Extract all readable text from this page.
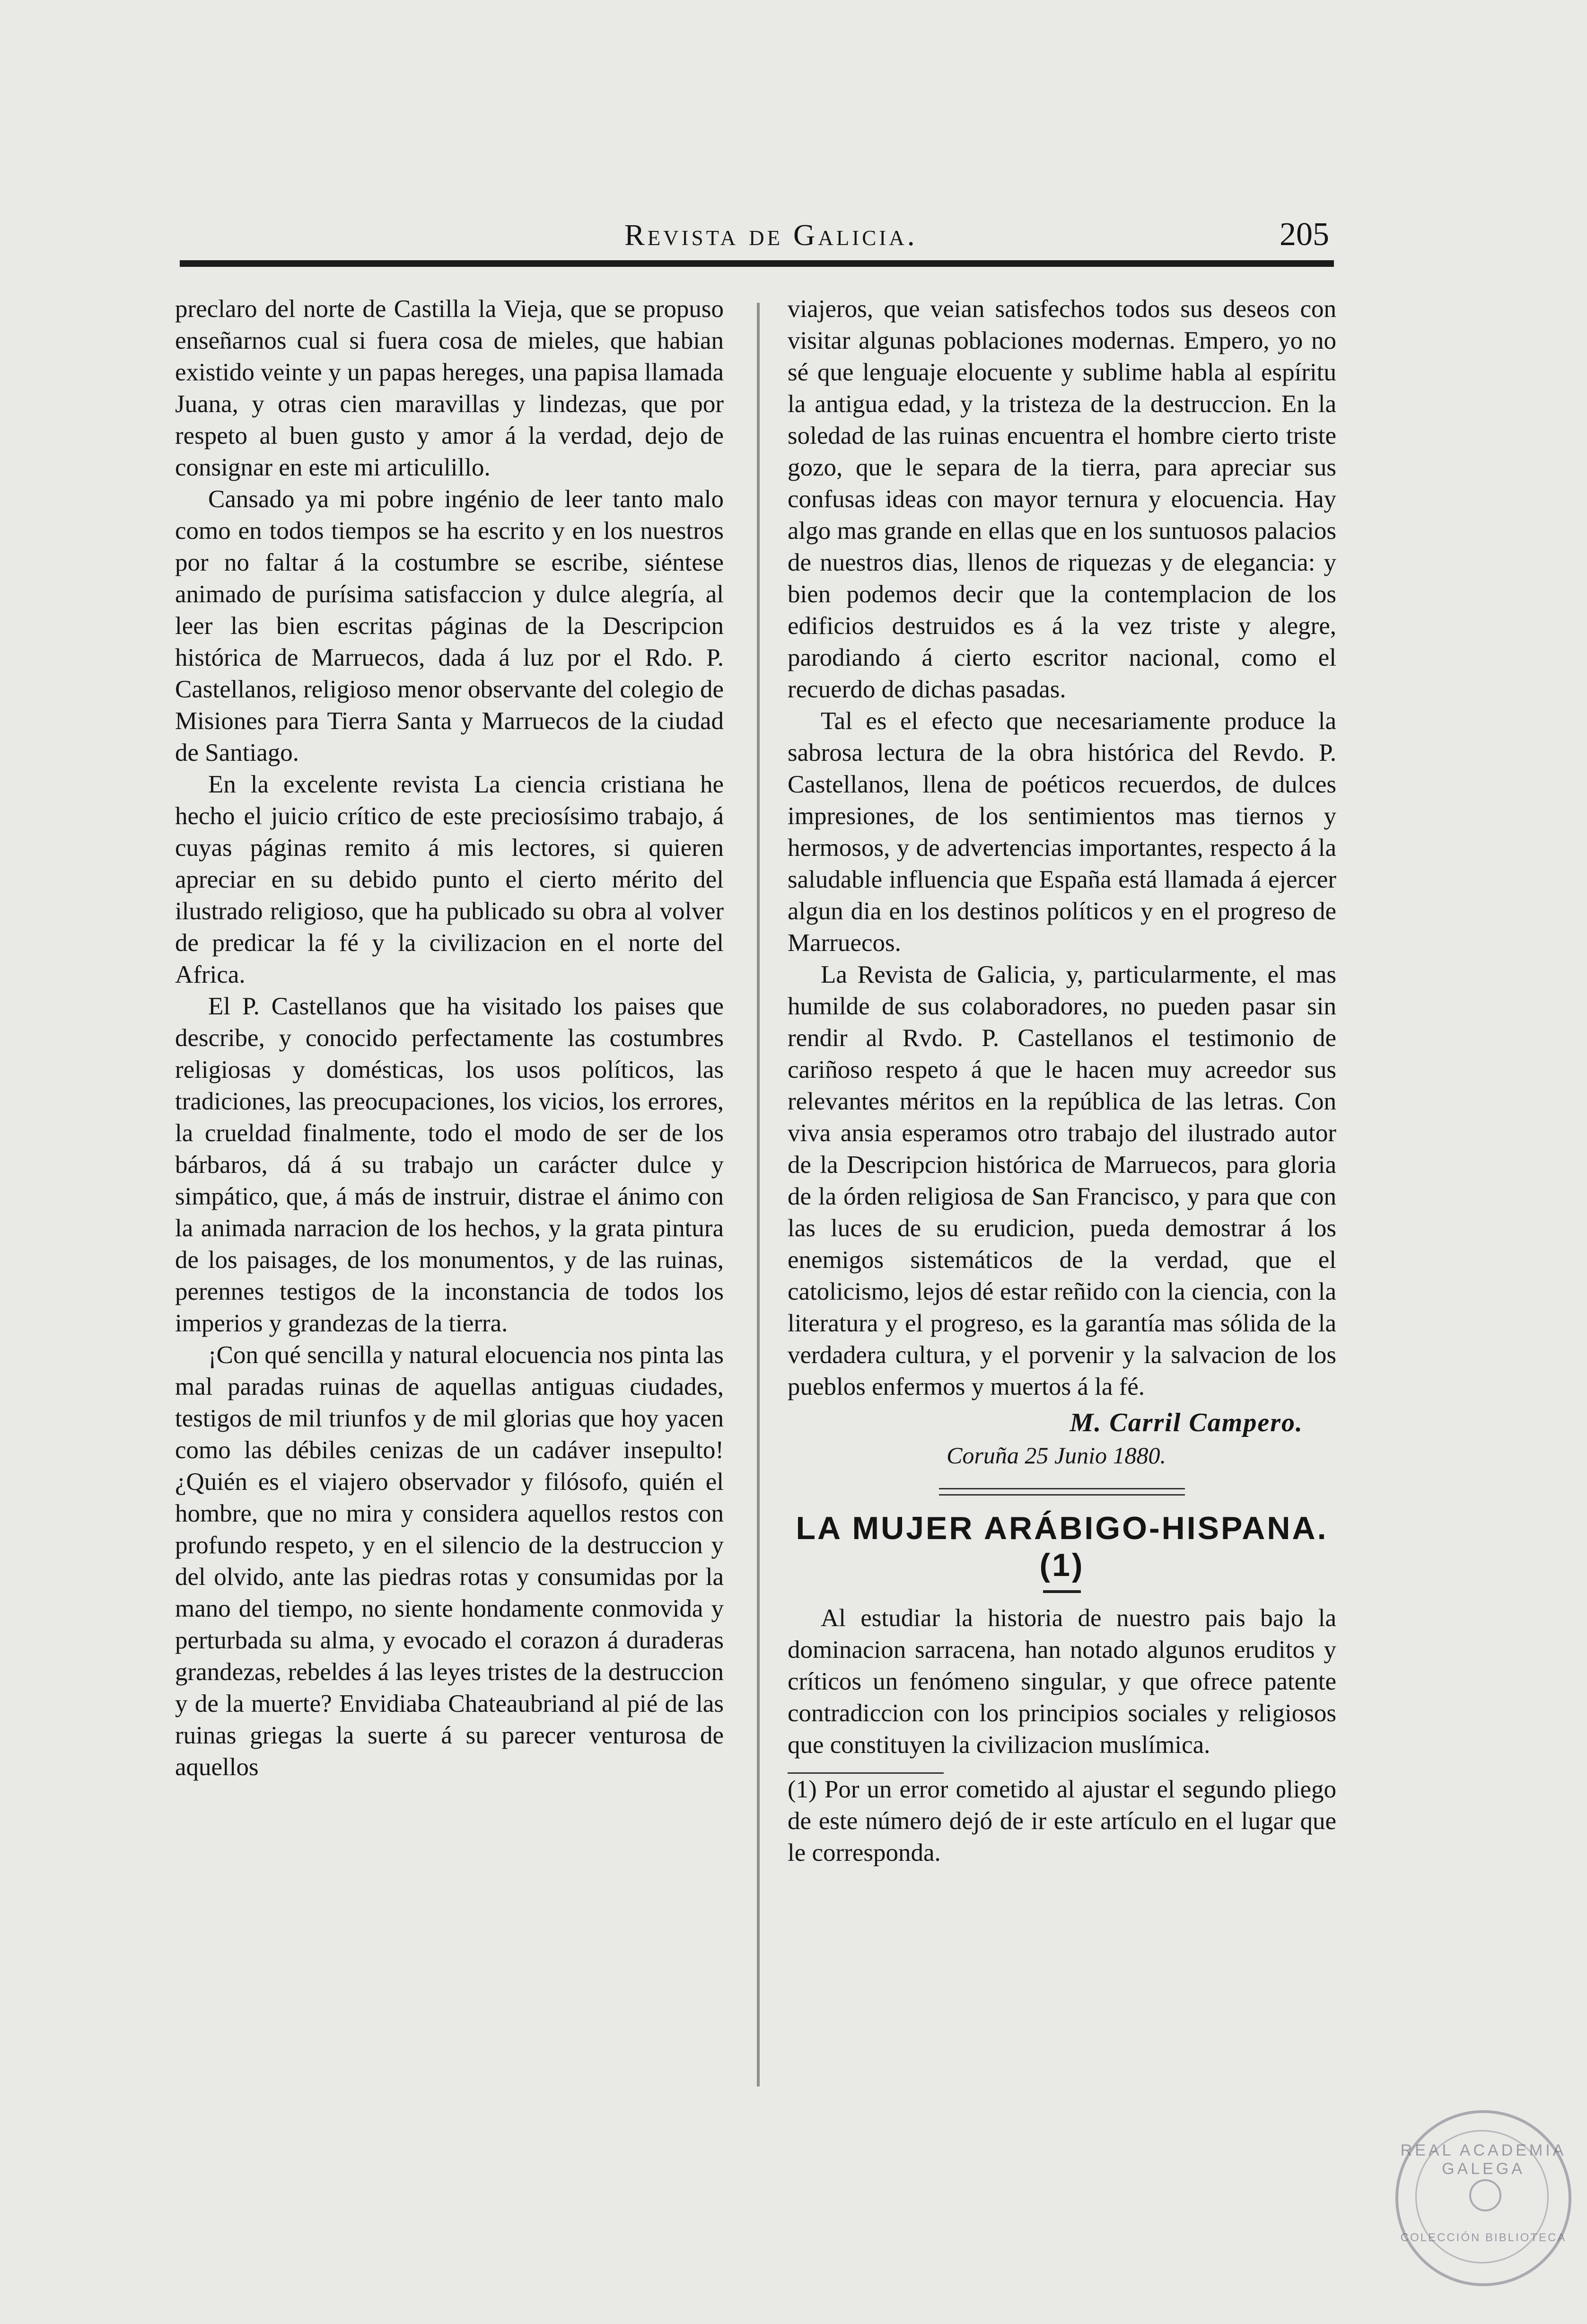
Revista de Galicia.	205

preclaro del norte de Castilla la Vieja, que se propuso enseñarnos cual si fuera cosa de mieles, que habian existido veinte y un papas hereges, una papisa llamada Juana, y otras cien maravillas y lindezas, que por respeto al buen gusto y amor á la verdad, dejo de consignar en este mi articulillo.

Cansado ya mi pobre ingénio de leer tanto malo como en todos tiempos se ha escrito y en los nuestros por no faltar á la costumbre se escribe, siéntese animado de purísima satisfaccion y dulce alegría, al leer las bien escritas páginas de la Descripcion histórica de Marruecos, dada á luz por el Rdo. P. Castellanos, religioso menor observante del colegio de Misiones para Tierra Santa y Marruecos de la ciudad de Santiago.

En la excelente revista La ciencia cristiana he hecho el juicio crítico de este preciosísimo trabajo, á cuyas páginas remito á mis lectores, si quieren apreciar en su debido punto el cierto mérito del ilustrado religioso, que ha publicado su obra al volver de predicar la fé y la civilizacion en el norte del Africa.

El P. Castellanos que ha visitado los paises que describe, y conocido perfectamente las costumbres religiosas y domésticas, los usos políticos, las tradiciones, las preocupaciones, los vicios, los errores, la crueldad finalmente, todo el modo de ser de los bárbaros, dá á su trabajo un carácter dulce y simpático, que, á más de instruir, distrae el ánimo con la animada narracion de los hechos, y la grata pintura de los paisages, de los monumentos, y de las ruinas, perennes testigos de la inconstancia de todos los imperios y grandezas de la tierra.

¡Con qué sencilla y natural elocuencia nos pinta las mal paradas ruinas de aquellas antiguas ciudades, testigos de mil triunfos y de mil glorias que hoy yacen como las débiles cenizas de un cadáver insepulto! ¿Quién es el viajero observador y filósofo, quién el hombre, que no mira y considera aquellos restos con profundo respeto, y en el silencio de la destruccion y del olvido, ante las piedras rotas y consumidas por la mano del tiempo, no siente hondamente conmovida y perturbada su alma, y evocado el corazon á duraderas grandezas, rebeldes á las leyes tristes de la destruccion y de la muerte? Envidiaba Chateaubriand al pié de las ruinas griegas la suerte á su parecer venturosa de aquellos

viajeros, que veian satisfechos todos sus deseos con visitar algunas poblaciones modernas. Empero, yo no sé que lenguaje elocuente y sublime habla al espíritu la antigua edad, y la tristeza de la destruccion. En la soledad de las ruinas encuentra el hombre cierto triste gozo, que le separa de la tierra, para apreciar sus confusas ideas con mayor ternura y elocuencia. Hay algo mas grande en ellas que en los suntuosos palacios de nuestros dias, llenos de riquezas y de elegancia: y bien podemos decir que la contemplacion de los edificios destruidos es á la vez triste y alegre, parodiando á cierto escritor nacional, como el recuerdo de dichas pasadas.

Tal es el efecto que necesariamente produce la sabrosa lectura de la obra histórica del Revdo. P. Castellanos, llena de poéticos recuerdos, de dulces impresiones, de los sentimientos mas tiernos y hermosos, y de advertencias importantes, respecto á la saludable influencia que España está llamada á ejercer algun dia en los destinos políticos y en el progreso de Marruecos.

La Revista de Galicia, y, particularmente, el mas humilde de sus colaboradores, no pueden pasar sin rendir al Rvdo. P. Castellanos el testimonio de cariñoso respeto á que le hacen muy acreedor sus relevantes méritos en la república de las letras. Con viva ansia esperamos otro trabajo del ilustrado autor de la Descripcion histórica de Marruecos, para gloria de la órden religiosa de San Francisco, y para que con las luces de su erudicion, pueda demostrar á los enemigos sistemáticos de la verdad, que el catolicismo, lejos dé estar reñido con la ciencia, con la literatura y el progreso, es la garantía mas sólida de la verdadera cultura, y el porvenir y la salvacion de los pueblos enfermos y muertos á la fé.

M. Carril Campero.
Coruña 25 Junio 1880.
LA MUJER ARÁBIGO-HISPANA. (1)

Al estudiar la historia de nuestro pais bajo la dominacion sarracena, han notado algunos eruditos y críticos un fenómeno singular, y que ofrece patente contradiccion con los principios sociales y religiosos que constituyen la civilizacion muslímica.

(1) Por un error cometido al ajustar el segundo pliego de este número dejó de ir este artículo en el lugar que le corresponda.

REAL ACADEMIA GALEGA
COLECCIÓN BIBLIOTECA
